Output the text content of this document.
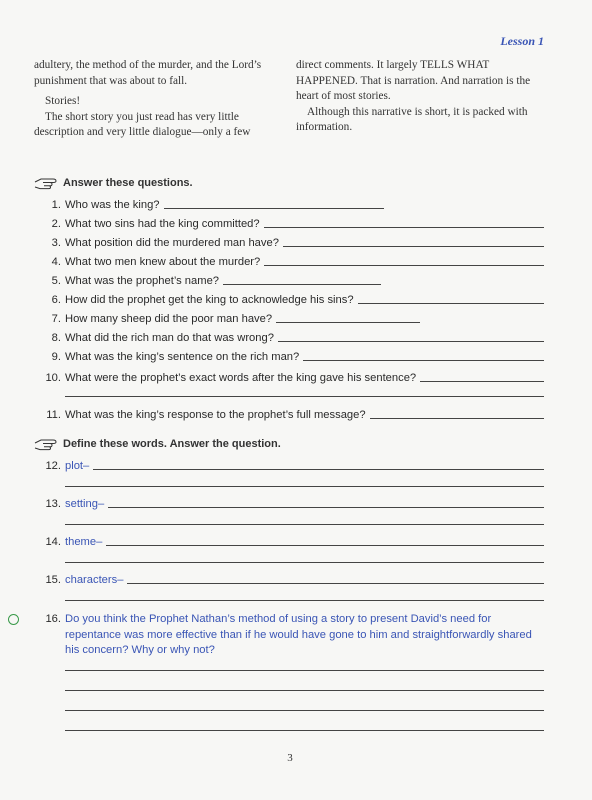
Lesson 1

adultery, the method of the murder, and the Lord’s punishment that was about to fall.

Stories!

The short story you just read has very little description and very little dialogue—only a few

direct comments. It largely TELLS WHAT HAPPENED. That is narration. And narration is the heart of most stories.

Although this narrative is short, it is packed with information.

Answer these questions.
1. Who was the king?
2. What two sins had the king committed?
3. What position did the murdered man have?
4. What two men knew about the murder?
5. What was the prophet’s name?
6. How did the prophet get the king to acknowledge his sins?
7. How many sheep did the poor man have?
8. What did the rich man do that was wrong?
9. What was the king’s sentence on the rich man?
10. What were the prophet’s exact words after the king gave his sentence?
11. What was the king’s response to the prophet’s full message?
Define these words. Answer the question.
12. plot–
13. setting–
14. theme–
15. characters–
16. Do you think the Prophet Nathan’s method of using a story to present David’s need for repentance was more effective than if he would have gone to him and straightforwardly shared his concern? Why or why not?
3
